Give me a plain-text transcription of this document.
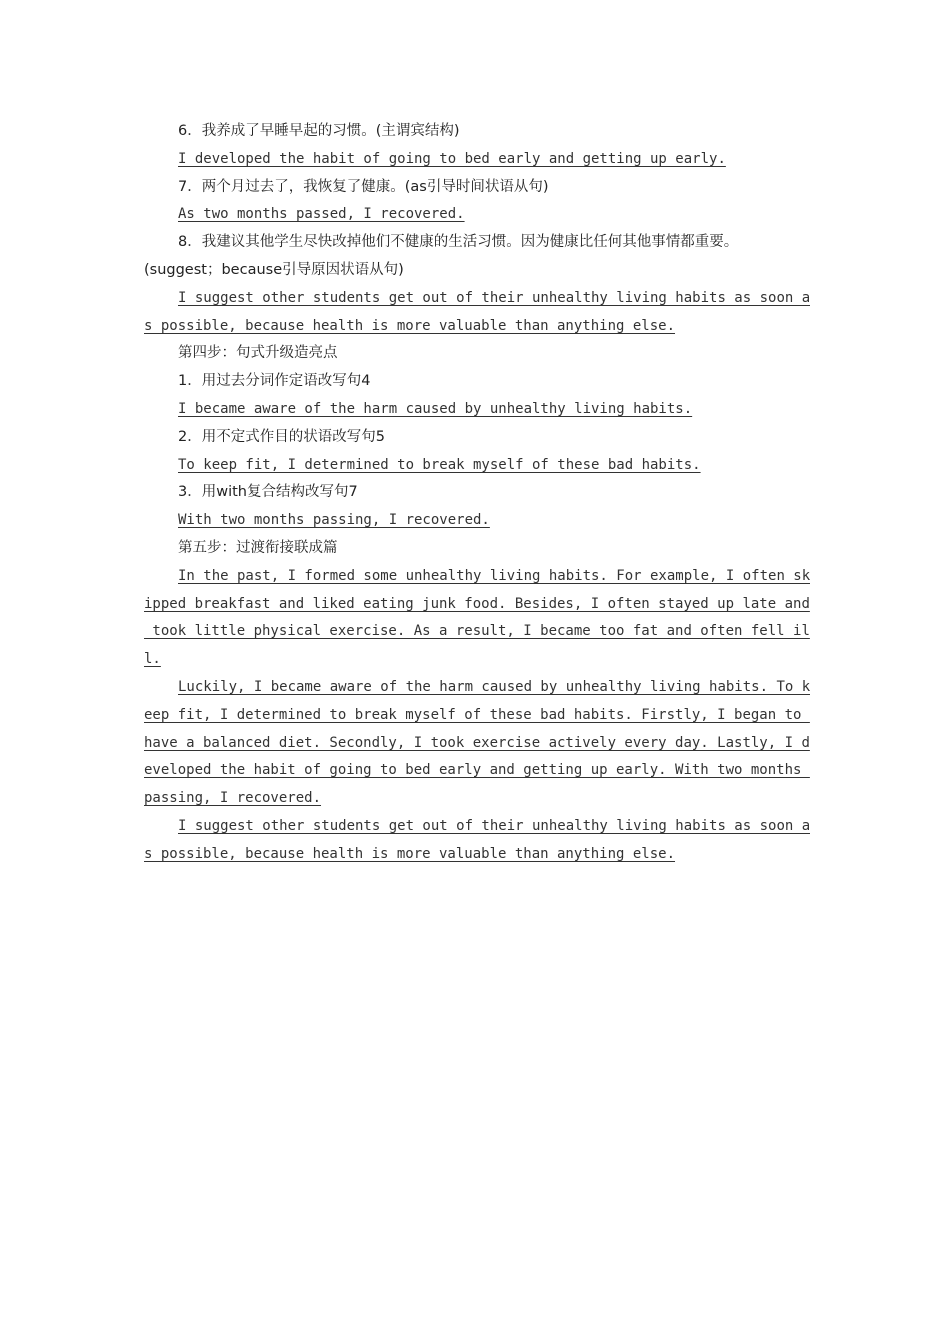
6．我养成了早睡早起的习惯。(主谓宾结构)
I developed the habit of going to bed early and getting up early.
7．两个月过去了，我恢复了健康。(as引导时间状语从句)
As two months passed, I recovered.
8．我建议其他学生尽快改掉他们不健康的生活习惯。因为健康比任何其他事情都重要。
(suggest；because引导原因状语从句)
I suggest other students get out of their unhealthy living habits as soon a
s possible, because health is more valuable than anything else.
第四步：句式升级造亮点
1．用过去分词作定语改写句4
I became aware of the harm caused by unhealthy living habits.
2．用不定式作目的状语改写句5
To keep fit, I determined to break myself of these bad habits.
3．用with复合结构改写句7
With two months passing, I recovered.
第五步：过渡衔接联成篇
In the past, I formed some unhealthy living habits. For example, I often sk
ipped breakfast and liked eating junk food. Besides, I often stayed up late and
took little physical exercise. As a result, I became too fat and often fell il
l.
Luckily, I became aware of the harm caused by unhealthy living habits. To k
eep fit, I determined to break myself of these bad habits. Firstly, I began to
have a balanced diet. Secondly, I took exercise actively every day. Lastly, I d
eveloped the habit of going to bed early and getting up early. With two months
passing, I recovered.
I suggest other students get out of their unhealthy living habits as soon a
s possible, because health is more valuable than anything else.
